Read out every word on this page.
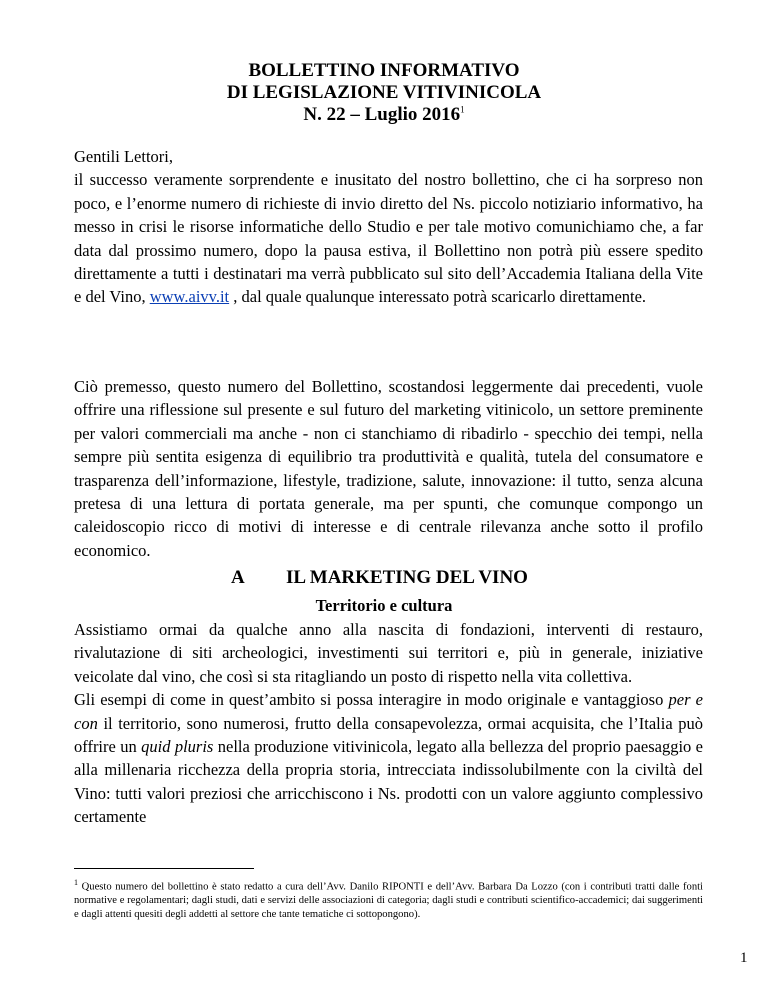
BOLLETTINO INFORMATIVO
DI LEGISLAZIONE VITIVINICOLA
N. 22 – Luglio 2016$^1$

Gentili Lettori,

il successo veramente sorprendente e inusitato del nostro bollettino, che ci ha sorpreso non poco, e l’enorme numero di richieste di invio diretto del Ns. piccolo notiziario informativo, ha messo in crisi le risorse informatiche dello Studio e per tale motivo comunichiamo che, a far data dal prossimo numero, dopo la pausa estiva, il Bollettino non potrà più essere spedito direttamente a tutti i destinatari ma verrà pubblicato sul sito dell’Accademia Italiana della Vite e del Vino, www.aivv.it , dal quale qualunque interessato potrà scaricarlo direttamente.

Ciò premesso, questo numero del Bollettino, scostandosi leggermente dai precedenti, vuole offrire una riflessione sul presente e sul futuro del marketing vitinicolo, un settore preminente per valori commerciali ma anche - non ci stanchiamo di ribadirlo - specchio dei tempi, nella sempre più sentita esigenza di equilibrio tra produttività e qualità, tutela del consumatore e trasparenza dell’informazione, lifestyle, tradizione, salute, innovazione: il tutto, senza alcuna pretesa di una lettura di portata generale, ma per spunti, che comunque compongo un caleidoscopio ricco di motivi di interesse e di centrale rilevanza anche sotto il profilo economico.

A IL MARKETING DEL VINO
Territorio e cultura

Assistiamo ormai da qualche anno alla nascita di fondazioni, interventi di restauro, rivalutazione di siti archeologici, investimenti sui territori e, più in generale, iniziative veicolate dal vino, che così si sta ritagliando un posto di rispetto nella vita collettiva.

Gli esempi di come in quest’ambito si possa interagire in modo originale e vantaggioso per e con il territorio, sono numerosi, frutto della consapevolezza, ormai acquisita, che l’Italia può offrire un quid pluris nella produzione vitivinicola, legato alla bellezza del proprio paesaggio e alla millenaria ricchezza della propria storia, intrecciata indissolubilmente con la civiltà del Vino: tutti valori preziosi che arricchiscono i Ns. prodotti con un valore aggiunto complessivo certamente

$^1$ Questo numero del bollettino è stato redatto a cura dell’Avv. Danilo RIPONTI e dell’Avv. Barbara Da Lozzo (con i contributi tratti dalle fonti normative e regolamentari; dagli studi, dati e servizi delle associazioni di categoria; dagli studi e contributi scientifico-accademici; dai suggerimenti e dagli attenti quesiti degli addetti al settore che tante tematiche ci sottopongono).
1
